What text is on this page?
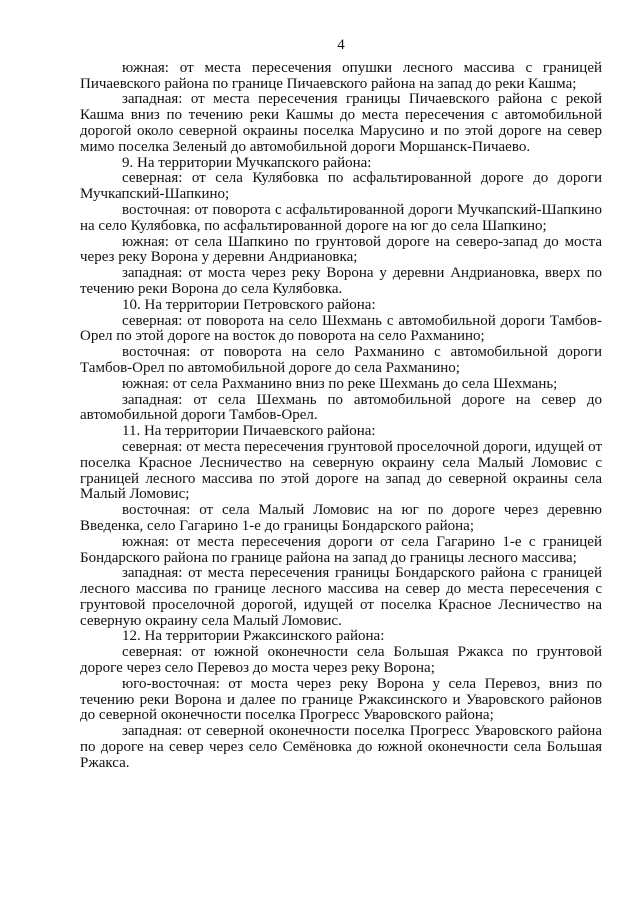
4

южная: от места пересечения опушки лесного массива с границей Пичаевского района по границе Пичаевского района на запад до реки Кашма;

западная: от места пересечения границы Пичаевского района с рекой Кашма вниз по течению реки Кашмы до места пересечения с автомобильной дорогой около северной окраины поселка Марусино и по этой дороге на север мимо поселка Зеленый до автомобильной дороги Моршанск-Пичаево.

9. На территории Мучкапского района:

северная: от села Кулябовка по асфальтированной дороге до дороги Мучкапский-Шапкино;

восточная: от поворота с асфальтированной дороги Мучкапский-Шапкино на село Кулябовка, по асфальтированной дороге на юг до села Шапкино;

южная: от села Шапкино по грунтовой дороге на северо-запад до моста через реку Ворона у деревни Андриановка;

западная: от моста через реку Ворона у деревни Андриановка, вверх по течению реки Ворона до села Кулябовка.

10. На территории Петровского района:

северная: от поворота на село Шехмань с автомобильной дороги Тамбов-Орел по этой дороге на восток до поворота на село Рахманино;

восточная: от поворота на село Рахманино с автомобильной дороги Тамбов-Орел по автомобильной дороге до села Рахманино;

южная: от села Рахманино вниз по реке Шехмань до села Шехмань;

западная: от села Шехмань по автомобильной дороге на север до автомобильной дороги Тамбов-Орел.

11. На территории Пичаевского района:

северная: от места пересечения грунтовой проселочной дороги, идущей от поселка Красное Лесничество на северную окраину села Малый Ломовис с границей лесного массива по этой дороге на запад до северной окраины села Малый Ломовис;

восточная: от села Малый Ломовис на юг по дороге через деревню Введенка, село Гагарино 1-е до границы Бондарского района;

южная: от места пересечения дороги от села Гагарино 1-е с границей Бондарского района по границе района на запад до границы лесного массива;

западная: от места пересечения границы Бондарского района с границей лесного массива по границе лесного массива на север до места пересечения с грунтовой проселочной дорогой, идущей от поселка Красное Лесничество на северную окраину села Малый Ломовис.

12. На территории Ржаксинского района:

северная: от южной оконечности села Большая Ржакса по грунтовой дороге через село Перевоз до моста через реку Ворона;

юго-восточная: от моста через реку Ворона у села Перевоз, вниз по течению реки Ворона и далее по границе Ржаксинского и Уваровского районов до северной оконечности поселка Прогресс Уваровского района;

западная: от северной оконечности поселка Прогресс Уваровского района по дороге на север через село Семёновка до южной оконечности села Большая Ржакса.
